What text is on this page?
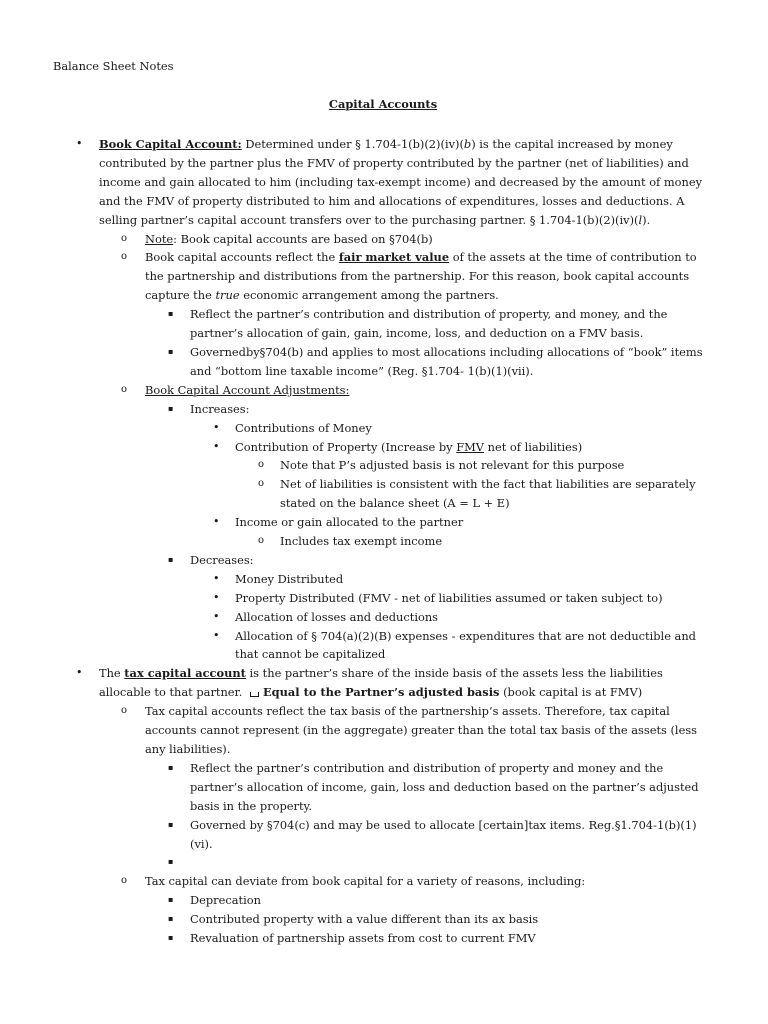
Balance Sheet Notes
Capital Accounts
• Book Capital Account: Determined under § 1.704-1(b)(2)(iv)(b) is the capital increased by money contributed by the partner plus the FMV of property contributed by the partner (net of liabilities) and income and gain allocated to him (including tax-exempt income) and decreased by the amount of money and the FMV of property distributed to him and allocations of expenditures, losses and deductions. A selling partner’s capital account transfers over to the purchasing partner. § 1.704-1(b)(2)(iv)(l).
o Note: Book capital accounts are based on §704(b)
o Book capital accounts reflect the fair market value of the assets at the time of contribution to the partnership and distributions from the partnership. For this reason, book capital accounts capture the true economic arrangement among the partners.
▪ Reflect the partner’s contribution and distribution of property, and money, and the partner’s allocation of gain, gain, income, loss, and deduction on a FMV basis.
▪ Governedby§704(b) and applies to most allocations including allocations of “book” items and “bottom line taxable income” (Reg. §1.704- 1(b)(1)(vii).
o Book Capital Account Adjustments:
▪ Increases:
• Contributions of Money
• Contribution of Property (Increase by FMV net of liabilities)
o Note that P’s adjusted basis is not relevant for this purpose
o Net of liabilities is consistent with the fact that liabilities are separately stated on the balance sheet (A = L + E)
• Income or gain allocated to the partner
o Includes tax exempt income
▪ Decreases:
• Money Distributed
• Property Distributed (FMV - net of liabilities assumed or taken subject to)
• Allocation of losses and deductions
• Allocation of § 704(a)(2)(B) expenses - expenditures that are not deductible and that cannot be capitalized
• The tax capital account is the partner’s share of the inside basis of the assets less the liabilities allocable to that partner. Equal to the Partner’s adjusted basis (book capital is at FMV)
o Tax capital accounts reflect the tax basis of the partnership’s assets. Therefore, tax capital accounts cannot represent (in the aggregate) greater than the total tax basis of the assets (less any liabilities).
▪ Reflect the partner’s contribution and distribution of property and money and the partner’s allocation of income, gain, loss and deduction based on the partner’s adjusted basis in the property.
▪ Governed by §704(c) and may be used to allocate [certain]tax items. Reg.§1.704-1(b)(1)(vi).
▪

o Tax capital can deviate from book capital for a variety of reasons, including:
▪ Deprecation
▪ Contributed property with a value different than its ax basis
▪ Revaluation of partnership assets from cost to current FMV
